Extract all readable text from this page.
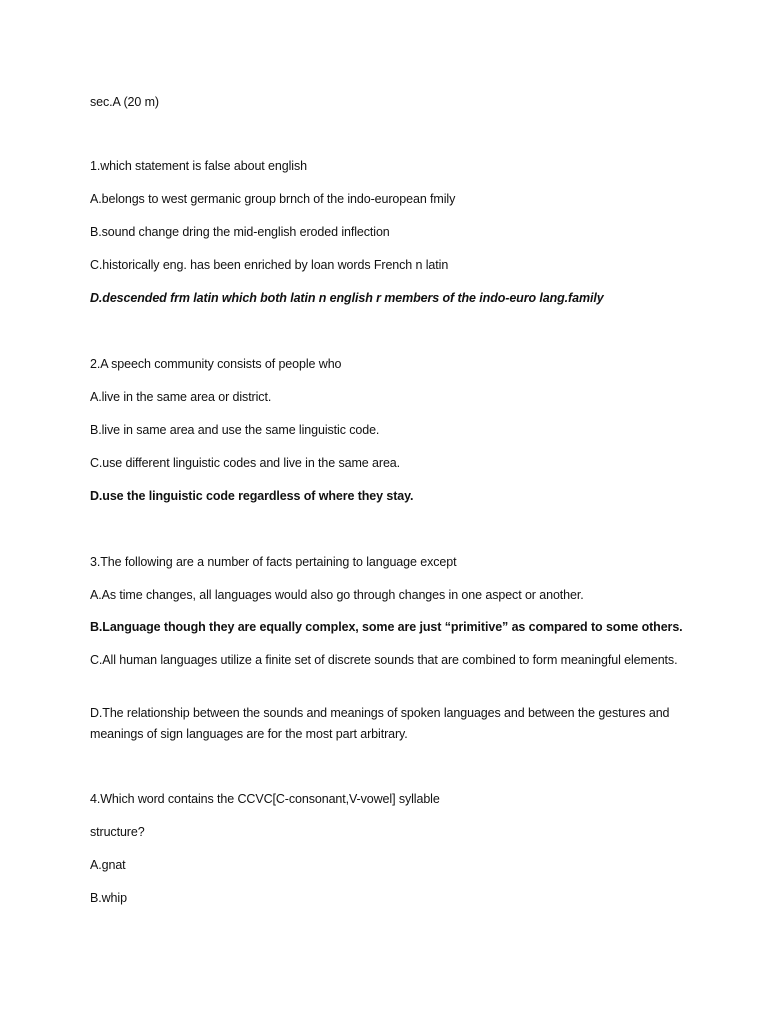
sec.A (20 m)
1.which statement is false about english
A.belongs to west germanic group brnch of the indo-european fmily
B.sound change dring the mid-english eroded inflection
C.historically eng. has been enriched by loan words French n latin
D.descended frm latin which both latin n english r members of the indo-euro lang.family
2.A speech community consists of people who
A.live in the same area or district.
B.live in same area and use the same linguistic code.
C.use different linguistic codes and live in the same area.
D.use the linguistic code regardless of where they stay.
3.The following are a number of facts pertaining to language except
A.As time changes, all languages would also go through changes in one aspect or another.
B.Language though they are equally complex, some are just “primitive” as compared to some others.
C.All human languages utilize a finite set of discrete sounds that are combined to form meaningful elements.
D.The relationship between the sounds and meanings of spoken languages and between the gestures and meanings of sign languages are for the most part arbitrary.
4.Which word contains the CCVC[C-consonant,V-vowel] syllable
structure?
A.gnat
B.whip
